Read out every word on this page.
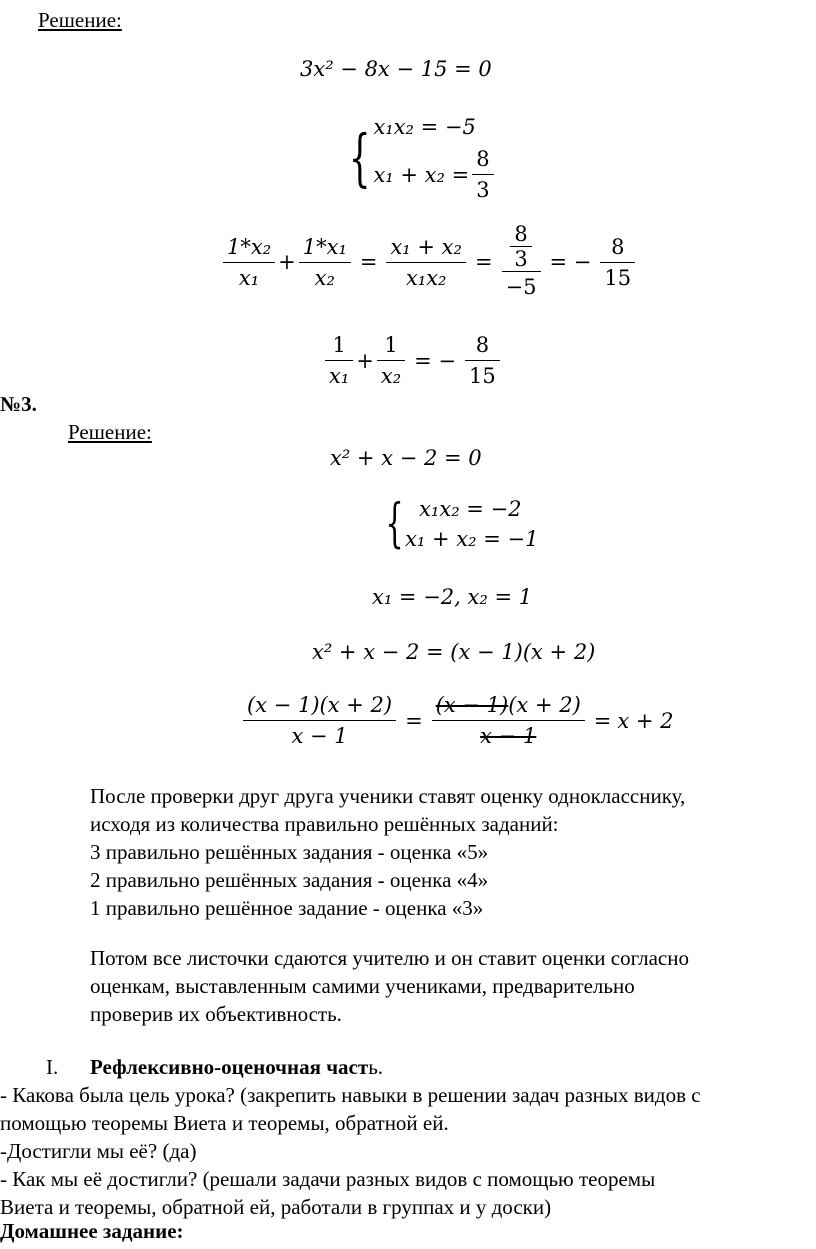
Решение:
3x² − 8x − 15 = 0
{ x₁x₂ = −5
$x_1 + x_2 = \frac{8}{3}$
$\frac{\text{1*x₂}}{\text{x₁}} + \frac{\text{1*x₁}}{\text{x₂}} = \frac{\text{x₁ + x₂}}{\text{x₁x₂}} = \frac{\frac{8}{3}}{-5}$ = − $\frac{8}{15}$
$\frac{1}{\text{x₁}} + \frac{1}{\text{x₂}}$ = − $\frac{8}{15}$
№3.
Решение:
x² + x − 2 = 0
{ x₁x₂ = −2
x₁ + x₂ = −1
x₁ = −2, x₂ = 1
x² + x − 2 = (x − 1)(x + 2)
$\frac{(x - 1)(x + 2)}{x - 1} = \frac{(x - 1)(x + 2)}{x - 1} = x + 2$
После проверки друг друга ученики ставят оценку однокласснику,
исходя из количества правильно решённых заданий:
3 правильно решённых задания - оценка «5»
2 правильно решённых задания - оценка «4»
1 правильно решённое задание - оценка «3»
Потом все листочки сдаются учителю и он ставит оценки согласно
оценкам, выставленным самими учениками, предварительно
проверив их объективность.
I. Рефлексивно-оценочная часть.
- Какова была цель урока? (закрепить навыки в решении задач разных видов с
помощью теоремы Виета и теоремы, обратной ей.
-Достигли мы её? (да)
- Как мы её достигли? (решали задачи разных видов с помощью теоремы
Виета и теоремы, обратной ей, работали в группах и у доски)
Домашнее задание:
